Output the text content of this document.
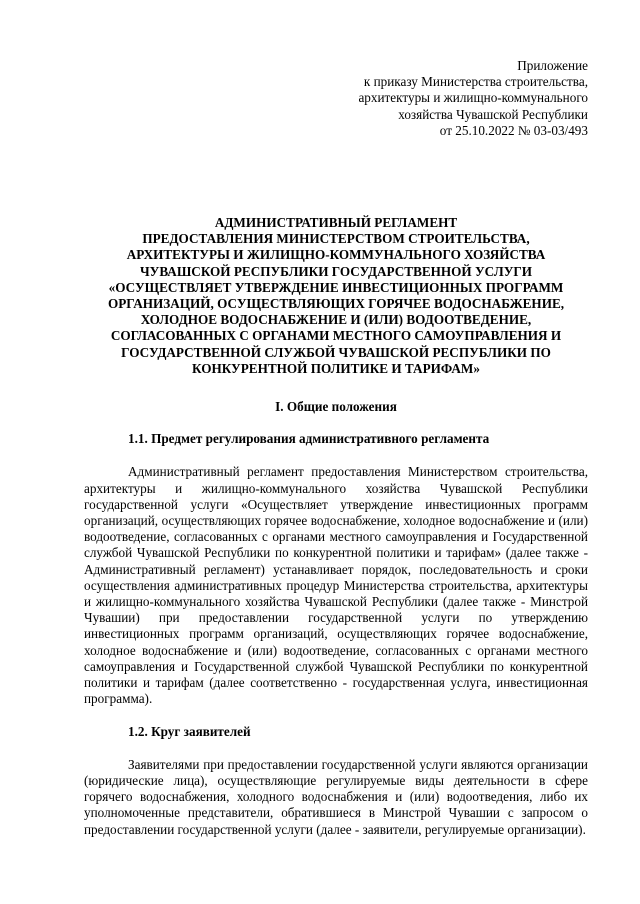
Приложение
к приказу Министерства строительства,
архитектуры и жилищно-коммунального
хозяйства Чувашской Республики
от 25.10.2022 № 03-03/493
АДМИНИСТРАТИВНЫЙ РЕГЛАМЕНТ
ПРЕДОСТАВЛЕНИЯ МИНИСТЕРСТВОМ СТРОИТЕЛЬСТВА,
АРХИТЕКТУРЫ И ЖИЛИЩНО-КОММУНАЛЬНОГО ХОЗЯЙСТВА
ЧУВАШСКОЙ РЕСПУБЛИКИ ГОСУДАРСТВЕННОЙ УСЛУГИ
«ОСУЩЕСТВЛЯЕТ УТВЕРЖДЕНИЕ ИНВЕСТИЦИОННЫХ ПРОГРАММ
ОРГАНИЗАЦИЙ, ОСУЩЕСТВЛЯЮЩИХ ГОРЯЧЕЕ ВОДОСНАБЖЕНИЕ,
ХОЛОДНОЕ ВОДОСНАБЖЕНИЕ И (ИЛИ) ВОДООТВЕДЕНИЕ,
СОГЛАСОВАННЫХ С ОРГАНАМИ МЕСТНОГО САМОУПРАВЛЕНИЯ И
ГОСУДАРСТВЕННОЙ СЛУЖБОЙ ЧУВАШСКОЙ РЕСПУБЛИКИ ПО
КОНКУРЕНТНОЙ ПОЛИТИКЕ И ТАРИФАМ»
I. Общие положения
1.1. Предмет регулирования административного регламента

Административный регламент предоставления Министерством строительства, архитектуры и жилищно-коммунального хозяйства Чувашской Республики государственной услуги «Осуществляет утверждение инвестиционных программ организаций, осуществляющих горячее водоснабжение, холодное водоснабжение и (или) водоотведение, согласованных с органами местного самоуправления и Государственной службой Чувашской Республики по конкурентной политики и тарифам» (далее также - Административный регламент) устанавливает порядок, последовательность и сроки осуществления административных процедур Министерства строительства, архитектуры и жилищно-коммунального хозяйства Чувашской Республики (далее также - Минстрой Чувашии) при предоставлении государственной услуги по утверждению инвестиционных программ организаций, осуществляющих горячее водоснабжение, холодное водоснабжение и (или) водоотведение, согласованных с органами местного самоуправления и Государственной службой Чувашской Республики по конкурентной политики и тарифам (далее соответственно - государственная услуга, инвестиционная программа).

1.2. Круг заявителей

Заявителями при предоставлении государственной услуги являются организации (юридические лица), осуществляющие регулируемые виды деятельности в сфере горячего водоснабжения, холодного водоснабжения и (или) водоотведения, либо их уполномоченные представители, обратившиеся в Минстрой Чувашии с запросом о предоставлении государственной услуги (далее - заявители, регулируемые организации).
